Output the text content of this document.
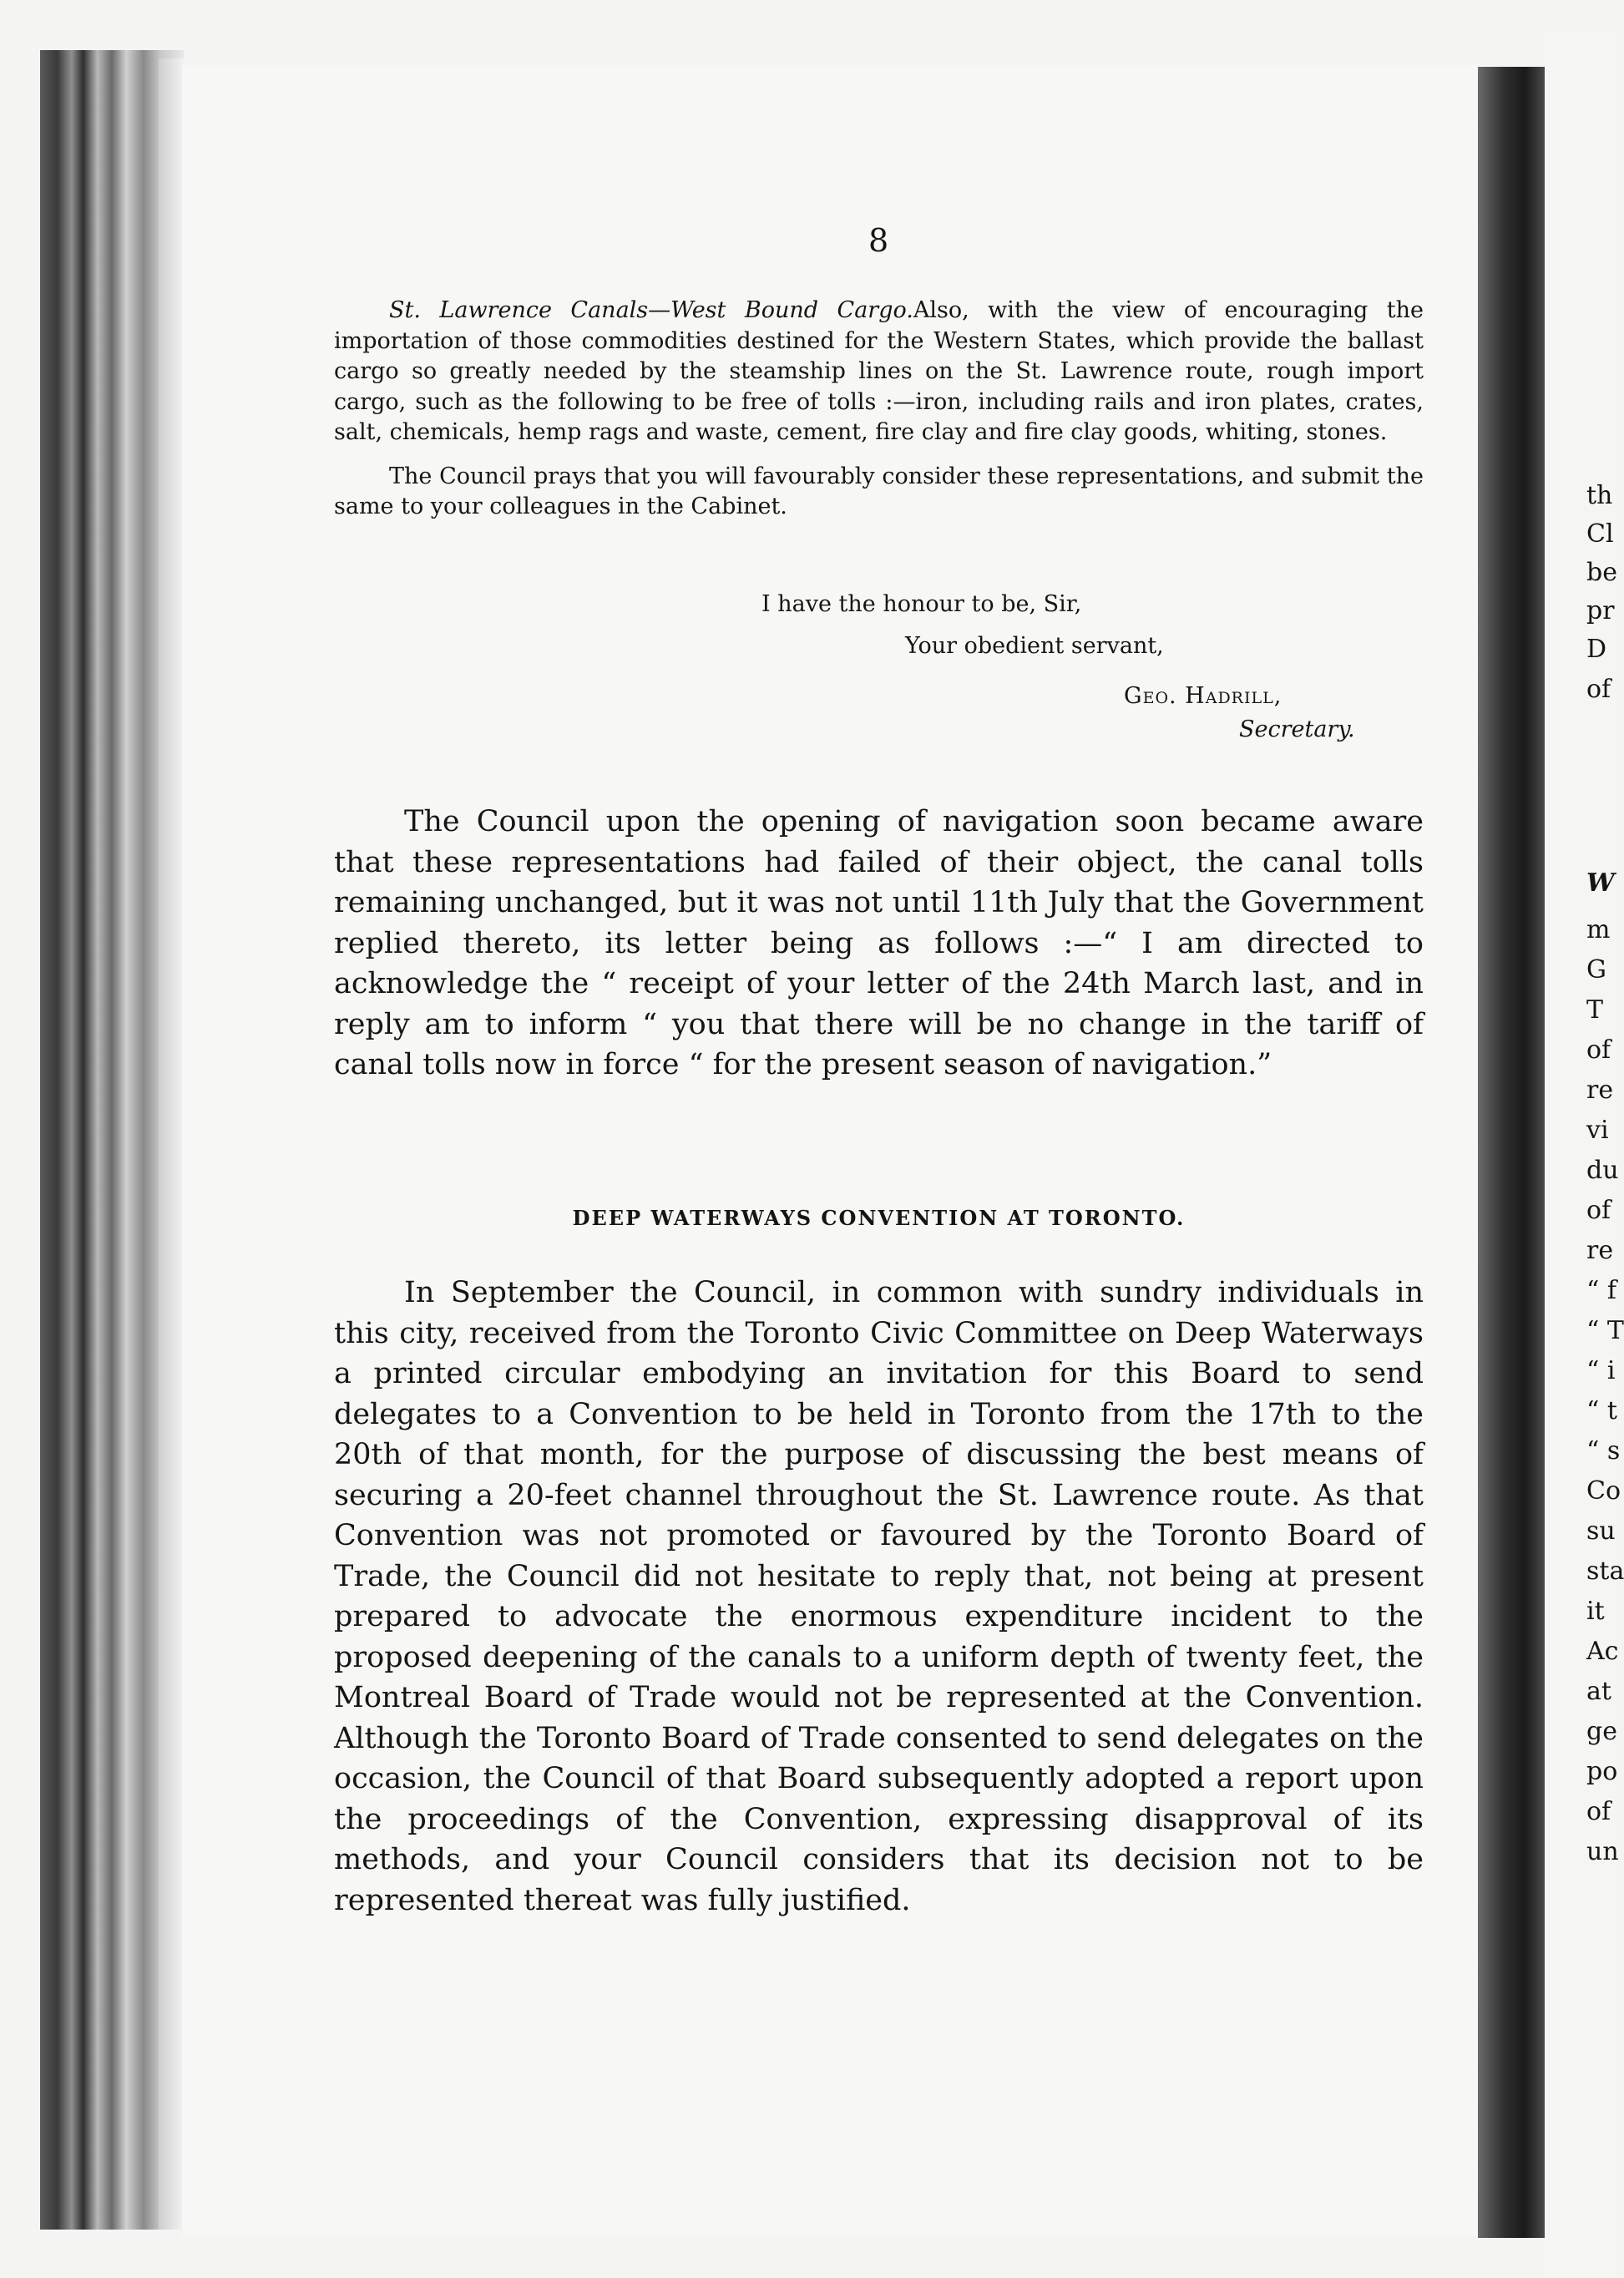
th
Cl
be
pr
D
of
W
m
G
T
of
re
vi
du
of
re
“ f
“ T
“ i
“ t
“ s
Co
su
sta
it
Ac
at
ge
po
of
un
8

St. Lawrence Canals—West Bound Cargo.Also, with the view of encouraging the importation of those commodities destined for the Western States, which provide the ballast cargo so greatly needed by the steamship lines on the St. Lawrence route, rough import cargo, such as the following to be free of tolls :—iron, including rails and iron plates, crates, salt, chemicals, hemp rags and waste, cement, fire clay and fire clay goods, whiting, stones.

The Council prays that you will favourably consider these representations, and submit the same to your colleagues in the Cabinet.

I have the honour to be, Sir,
Your obedient servant,
Geo. Hadrill,
Secretary.

The Council upon the opening of navigation soon became aware that these representations had failed of their object, the canal tolls remaining unchanged, but it was not until 11th July that the Government replied thereto, its letter being as follows :—“ I am directed to acknowledge the “ receipt of your letter of the 24th March last, and in reply am to inform “ you that there will be no change in the tariff of canal tolls now in force “ for the present season of navigation.”

DEEP WATERWAYS CONVENTION AT TORONTO.

In September the Council, in common with sundry individuals in this city, received from the Toronto Civic Committee on Deep Waterways a printed circular embodying an invitation for this Board to send delegates to a Convention to be held in Toronto from the 17th to the 20th of that month, for the purpose of discussing the best means of securing a 20-feet channel throughout the St. Lawrence route. As that Convention was not promoted or favoured by the Toronto Board of Trade, the Council did not hesitate to reply that, not being at present prepared to advocate the enormous expenditure incident to the proposed deepening of the canals to a uniform depth of twenty feet, the Montreal Board of Trade would not be represented at the Convention. Although the Toronto Board of Trade consented to send delegates on the occasion, the Council of that Board subsequently adopted a report upon the proceedings of the Convention, expressing disapproval of its methods, and your Council considers that its decision not to be represented thereat was fully justified.
